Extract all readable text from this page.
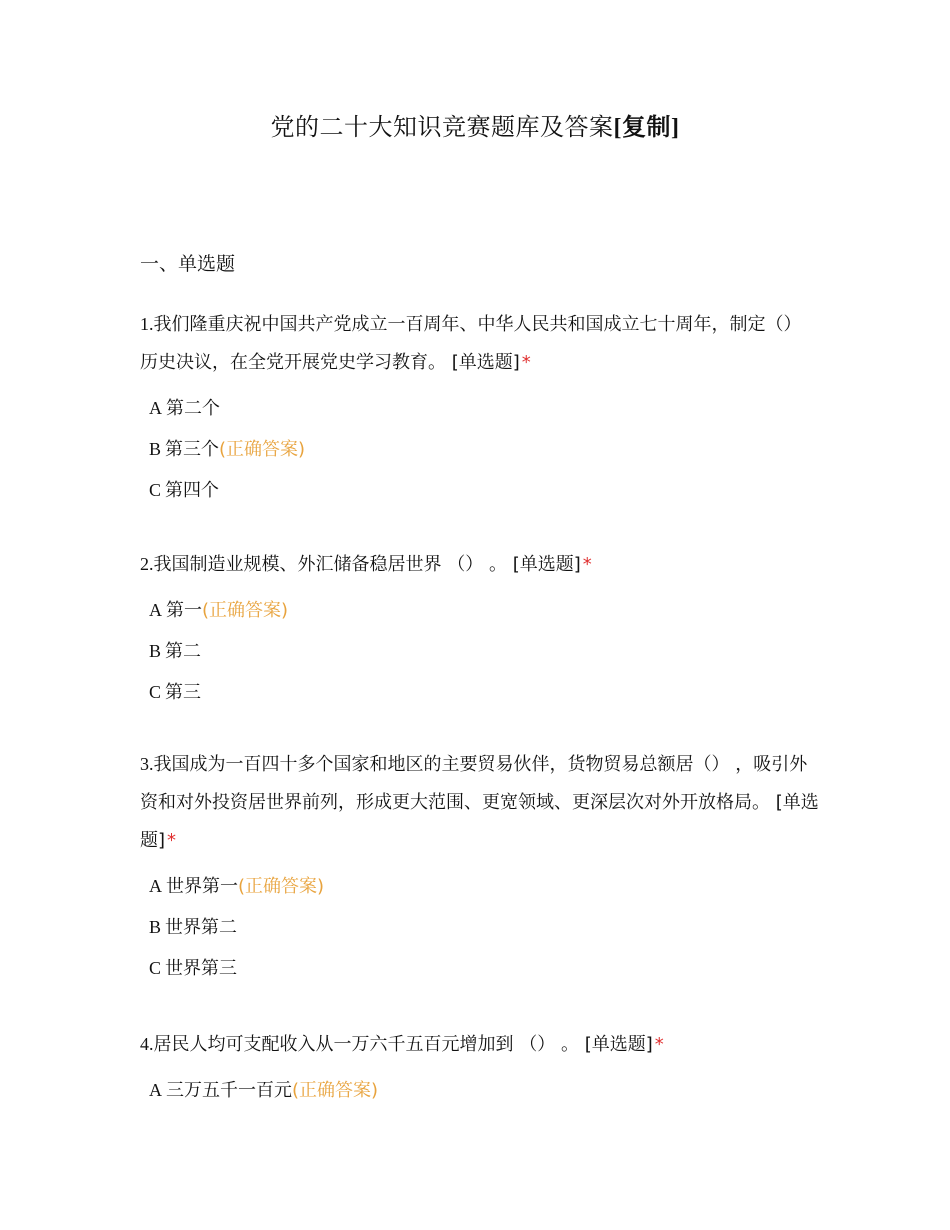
党的二十大知识竞赛题库及答案[复制]
一、单选题
1.我们隆重庆祝中国共产党成立一百周年、中华人民共和国成立七十周年，制定（） 历史决议，在全党开展党史学习教育。 [单选题] *
A 第二个
B 第三个(正确答案)
C 第四个
2.我国制造业规模、外汇储备稳居世界 （） 。 [单选题] *
A 第一(正确答案)
B 第二
C 第三
3.我国成为一百四十多个国家和地区的主要贸易伙伴，货物贸易总额居（） ，吸引外资和对外投资居世界前列，形成更大范围、更宽领域、更深层次对外开放格局。 [单选题] *
A 世界第一(正确答案)
B 世界第二
C 世界第三
4.居民人均可支配收入从一万六千五百元增加到 （） 。 [单选题] *
A 三万五千一百元(正确答案)
